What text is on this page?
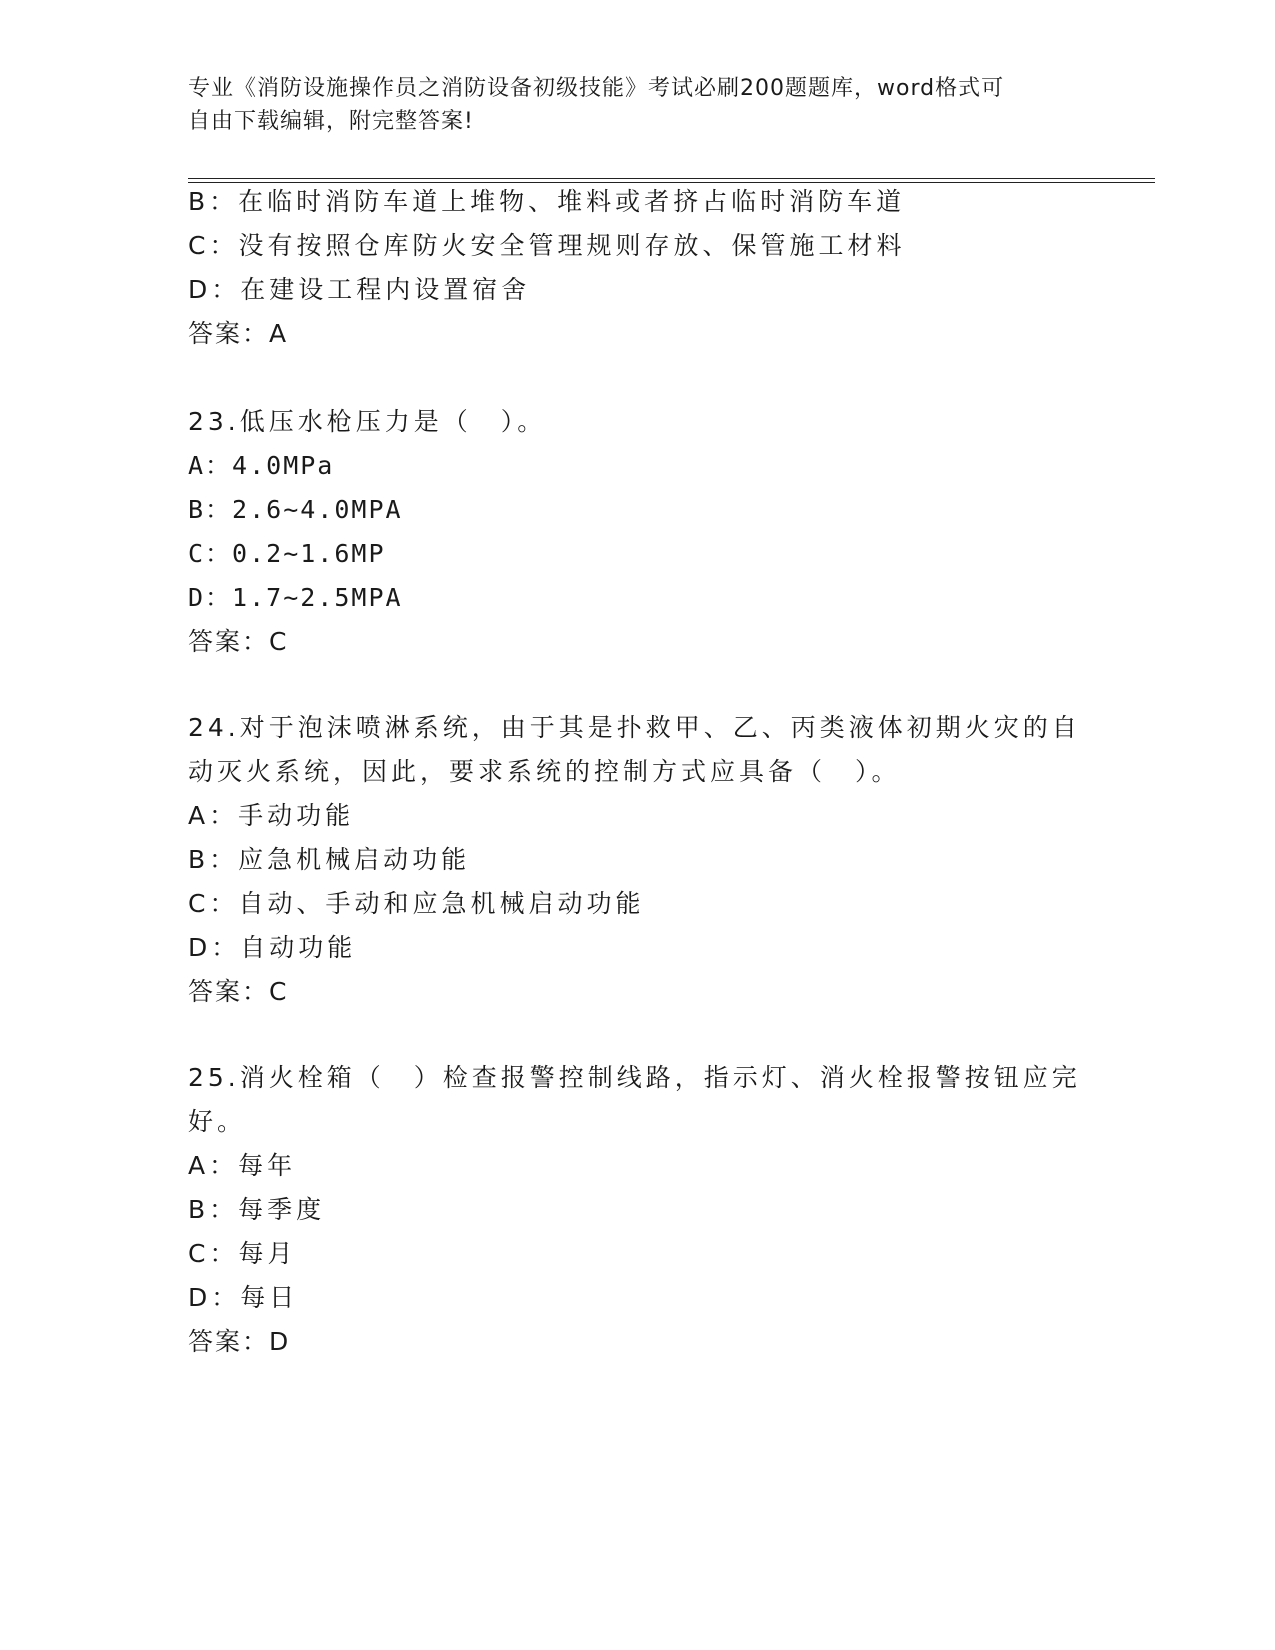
专业《消防设施操作员之消防设备初级技能》考试必刷200题题库，word格式可
自由下载编辑，附完整答案!
B：在临时消防车道上堆物、堆料或者挤占临时消防车道
C：没有按照仓库防火安全管理规则存放、保管施工材料
D：在建设工程内设置宿舍
答案：A
23.低压水枪压力是（　）。
A：4.0MPa
B：2.6~4.0MPA
C：0.2~1.6MP
D：1.7~2.5MPA
答案：C
24.对于泡沫喷淋系统，由于其是扑救甲、乙、丙类液体初期火灾的自
动灭火系统，因此，要求系统的控制方式应具备（　）。
A：手动功能
B：应急机械启动功能
C：自动、手动和应急机械启动功能
D：自动功能
答案：C
25.消火栓箱（　）检查报警控制线路，指示灯、消火栓报警按钮应完
好。
A：每年
B：每季度
C：每月
D：每日
答案：D
